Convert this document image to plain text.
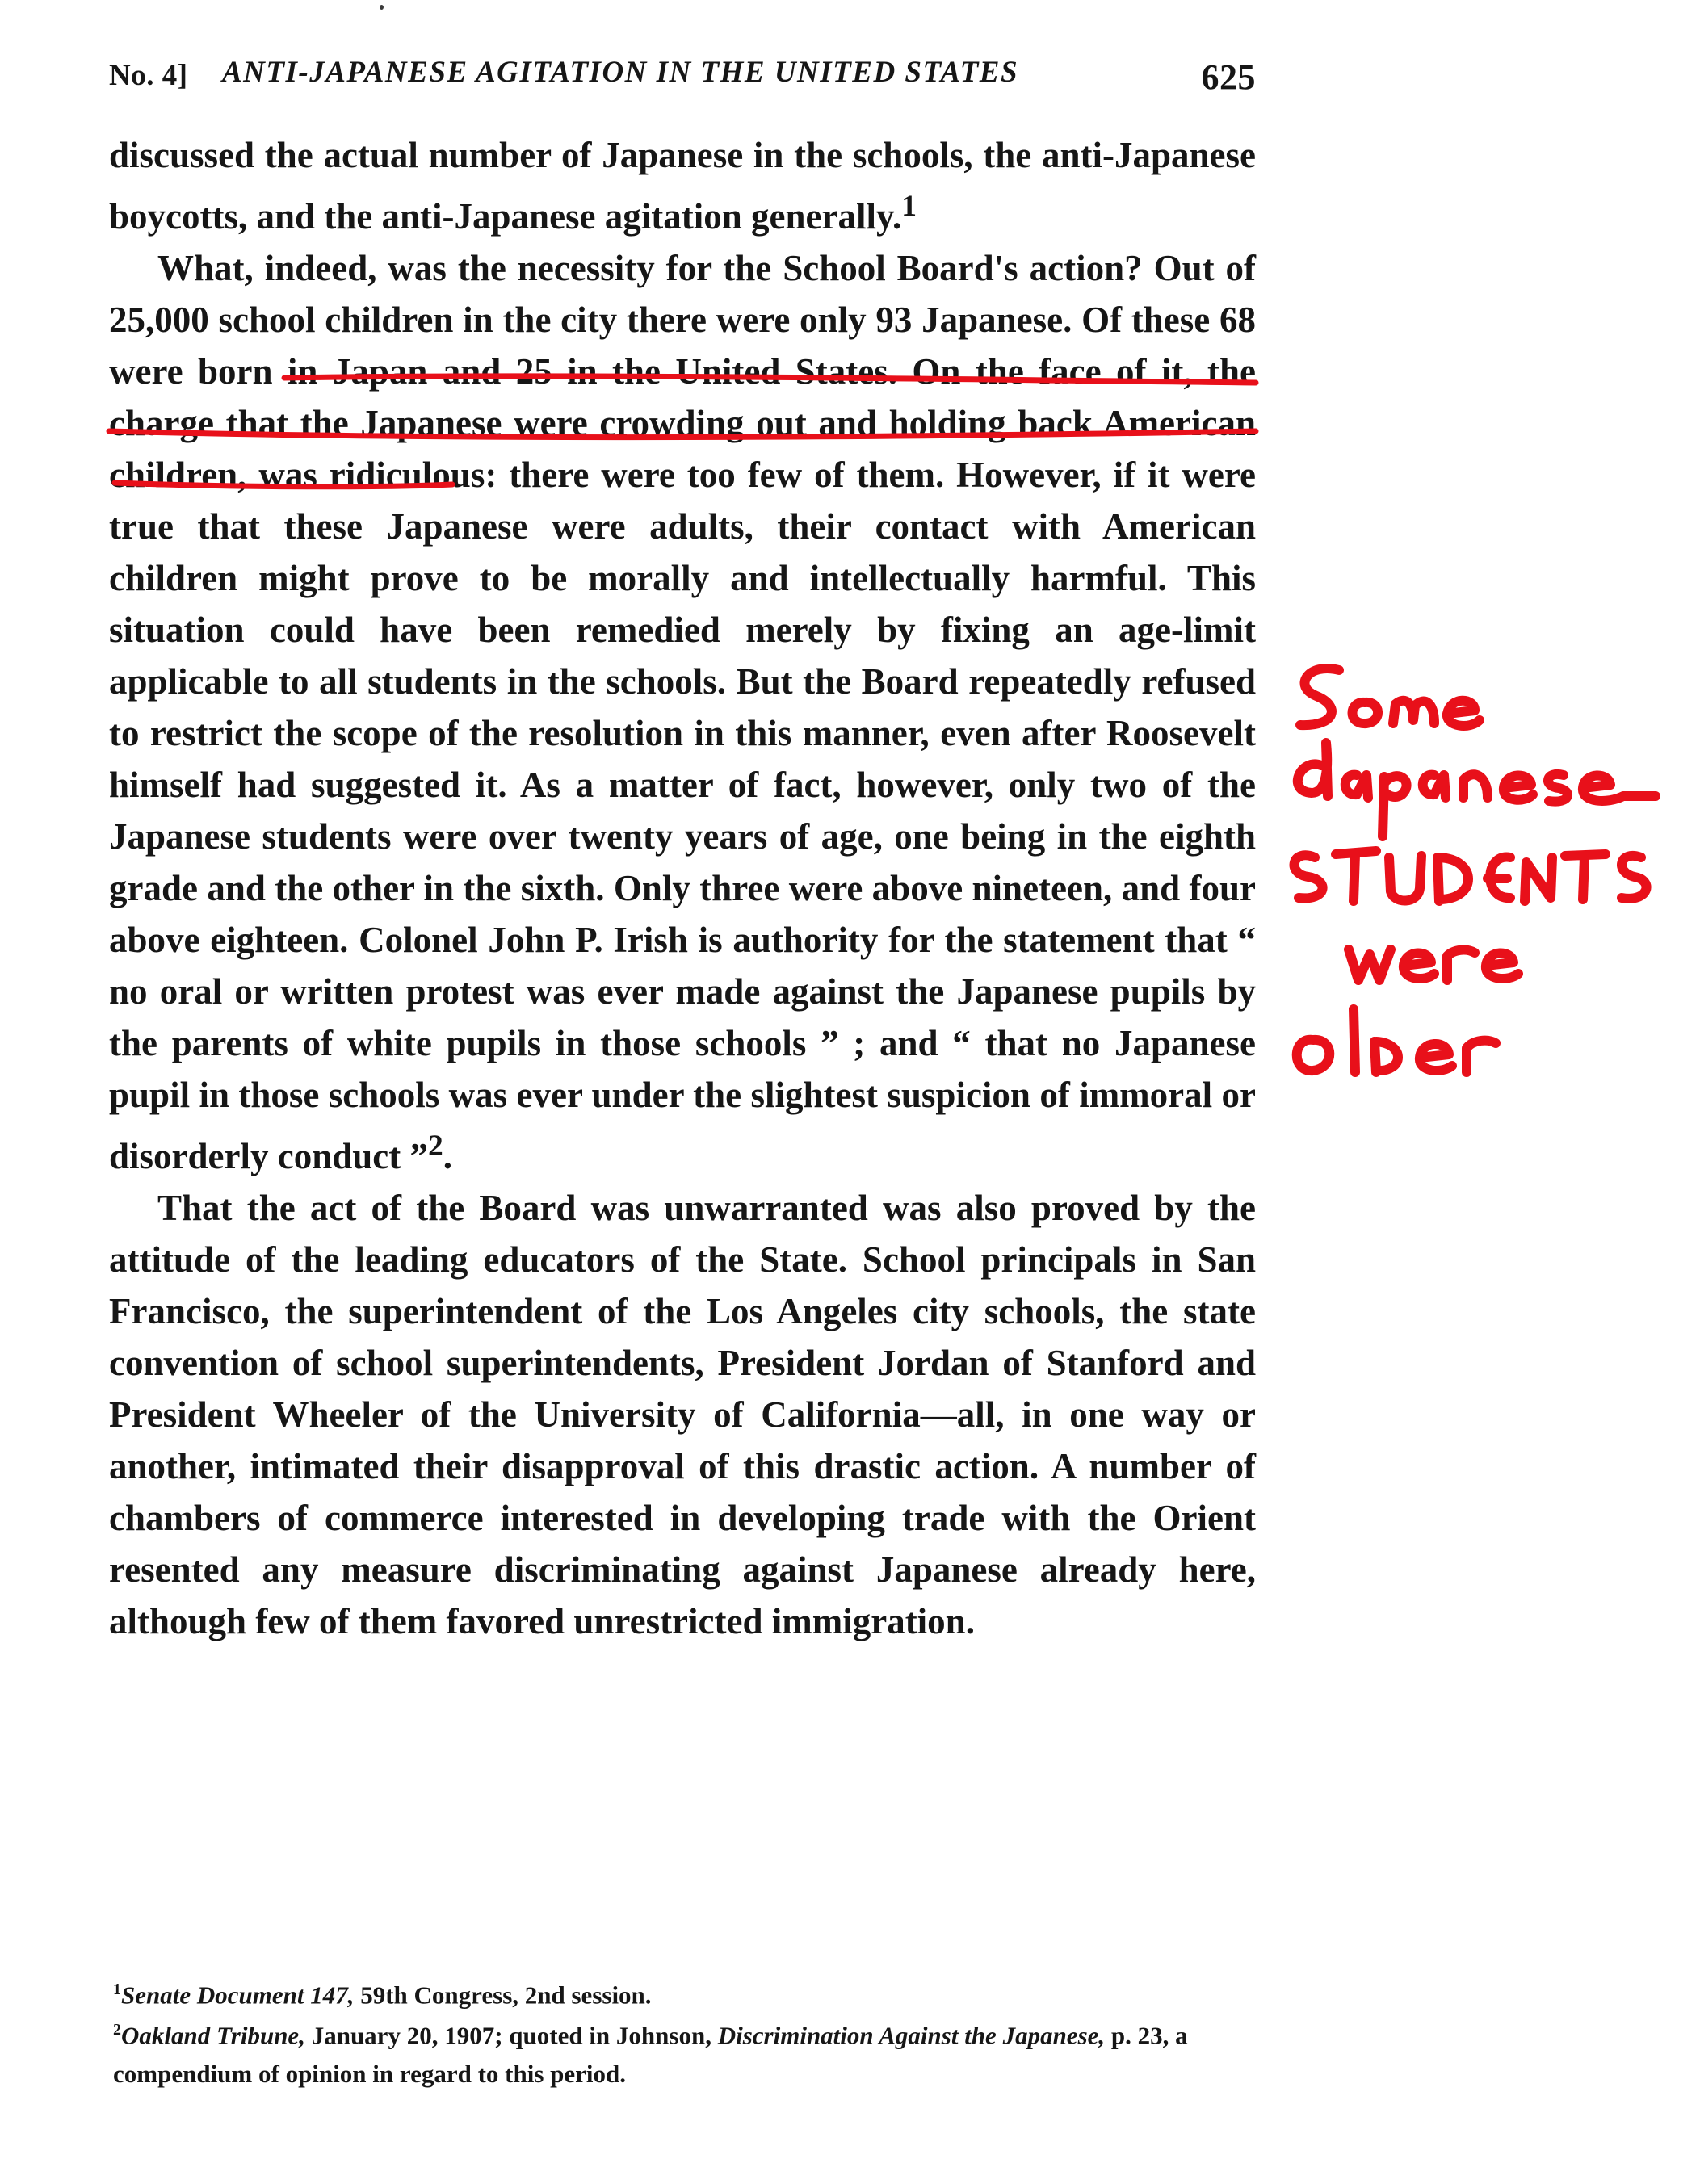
No. 4] ANTI-JAPANESE AGITATION IN THE UNITED STATES	625

discussed the actual number of Japanese in the schools, the anti-Japanese boycotts, and the anti-Japanese agitation generally.$^1$

What, indeed, was the necessity for the School Board's action? Out of 25,000 school children in the city there were only 93 Japanese. Of these 68 were born in Japan and 25 in the United States. On the face of it, the charge that the Japanese were crowding out and holding back American children, was ridiculous: there were too few of them. However, if it were true that these Japanese were adults, their contact with American children might prove to be morally and intellectually harmful. This situation could have been remedied merely by fixing an age-limit applicable to all students in the schools. But the Board repeatedly refused to restrict the scope of the resolution in this manner, even after Roosevelt himself had suggested it. As a matter of fact, however, only two of the Japanese students were over twenty years of age, one being in the eighth grade and the other in the sixth. Only three were above nineteen, and four above eighteen. Colonel John P. Irish is authority for the statement that “ no oral or written protest was ever made against the Japanese pupils by the parents of white pupils in those schools ” ; and “ that no Japanese pupil in those schools was ever under the slightest suspicion of immoral or disorderly conduct ”$^2$.

That the act of the Board was unwarranted was also proved by the attitude of the leading educators of the State. School principals in San Francisco, the superintendent of the Los Angeles city schools, the state convention of school superintendents, President Jordan of Stanford and President Wheeler of the University of California—all, in one way or another, intimated their disapproval of this drastic action. A number of chambers of commerce interested in developing trade with the Orient resented any measure discriminating against Japanese already here, although few of them favored unrestricted immigration.

$^1$Senate Document 147, 59th Congress, 2nd session.
$^2$Oakland Tribune, January 20, 1907; quoted in Johnson, Discrimination Against the Japanese, p. 23, a compendium of opinion in regard to this period.
